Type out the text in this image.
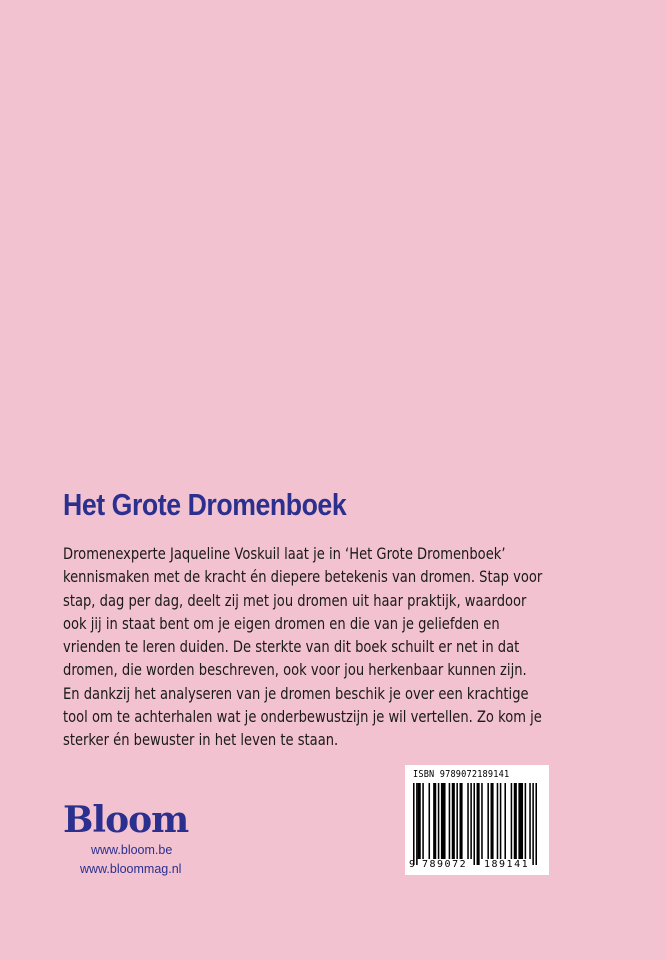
Het Grote Dromenboek
Dromenexperte Jaqueline Voskuil laat je in ‘Het Grote Dromenboek’
kennismaken met de kracht én diepere betekenis van dromen. Stap voor
stap, dag per dag, deelt zij met jou dromen uit haar praktijk, waardoor
ook jij in staat bent om je eigen dromen en die van je geliefden en
vrienden te leren duiden. De sterkte van dit boek schuilt er net in dat
dromen, die worden beschreven, ook voor jou herkenbaar kunnen zijn.
En dankzij het analyseren van je dromen beschik je over een krachtige
tool om te achterhalen wat je onderbewustzijn je wil vertellen. Zo kom je
sterker én bewuster in het leven te staan.
Bloom
www.bloom.be
www.bloommag.nl
ISBN 9789072189141
9 789072 189141
